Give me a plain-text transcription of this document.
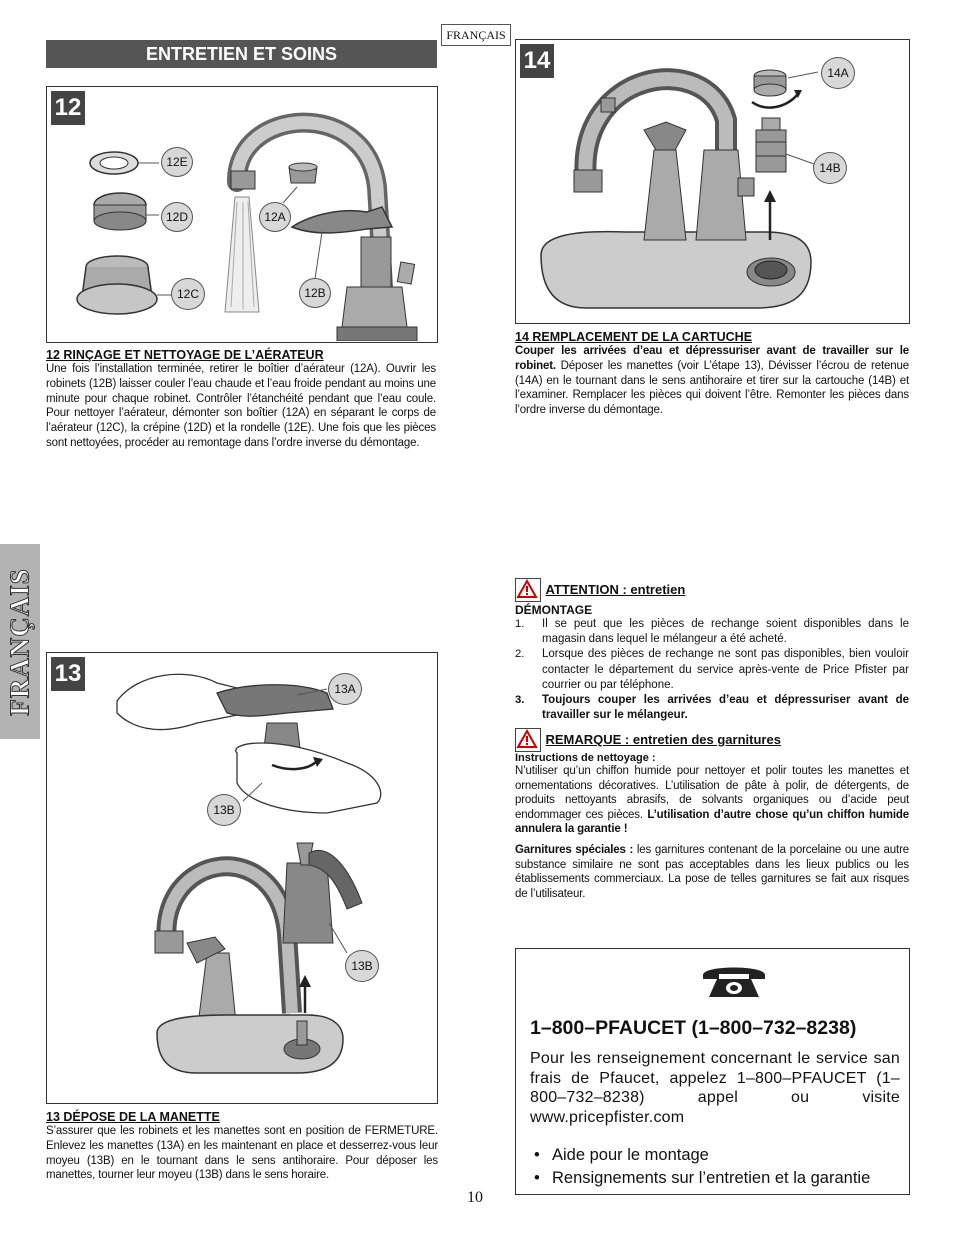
FRANÇAIS
ENTRETIEN ET SOINS
FRANÇAIS
12
12E
12D
12C
12A
12B
12 RINÇAGE ET NETTOYAGE DE L’AÉRATEUR
Une fois l’installation terminée, retirer le boîtier d’aérateur (12A). Ouvrir les robinets (12B) laisser couler l’eau chaude et l’eau froide pendant au moins une minute pour chaque robinet. Contrôler l’étanchéité pendant que l’eau coule. Pour nettoyer l’aérateur, démonter son boîtier (12A) en séparant le corps de l’aérateur (12C), la crépine (12D) et la rondelle (12E). Une fois que les pièces sont nettoyées, procéder au remontage dans l’ordre inverse du démontage.
14	14A
14B
14 REMPLACEMENT DE LA CARTUCHE
Couper les arrivées d’eau et dépressuriser avant de travailler sur le robinet. Déposer les manettes (voir L’étape 13), Dévisser l’écrou de retenue (14A) en le tournant dans le sens antihoraire et tirer sur la cartouche (14B) et l’examiner. Remplacer les pièces qui doivent l’être. Remonter les pièces dans l’ordre inverse du démontage.
ATTENTION : entretien
DÉMONTAGE
1.	Il se peut que les pièces de rechange soient disponibles dans le magasin dans lequel le mélangeur a été acheté.
2.	Lorsque des pièces de rechange ne sont pas disponibles, bien vouloir contacter le département du service après-vente de Price Pfister par courrier ou par téléphone.
3.	Toujours couper les arrivées d’eau et dépressuriser avant de travailler sur le mélangeur.
REMARQUE : entretien des garnitures
Instructions de nettoyage :
N’utiliser qu’un chiffon humide pour nettoyer et polir toutes les manettes et ornementations décoratives. L’utilisation de pâte à polir, de détergents, de produits nettoyants abrasifs, de solvants organiques ou d’acide peut endommager ces pièces. L’utilisation d’autre chose qu’un chiffon humide annulera la garantie !
Garnitures spéciales : les garnitures contenant de la porcelaine ou une autre substance similaire ne sont pas acceptables dans les lieux publics ou les établissements commerciaux. La pose de telles garnitures se fait aux risques de l’utilisateur.
13
13A
13B
13B
13 DÉPOSE DE LA MANETTE
S’assurer que les robinets et les manettes sont en position de FERMETURE. Enlevez les manettes (13A) en les maintenant en place et desserrez-vous leur moyeu (13B) en le tournant dans le sens antihoraire. Pour déposer les manettes, tourner leur moyeu (13B) dans le sens horaire.
1–800–PFAUCET (1–800–732–8238)
Pour les renseignement concernant le service san frais de Pfaucet, appelez 1–800–PFAUCET (1–800–732–8238) appel ou visite www.pricepfister.com
• Aide pour le montage
• Rensignements sur l’entretien et la garantie
10
